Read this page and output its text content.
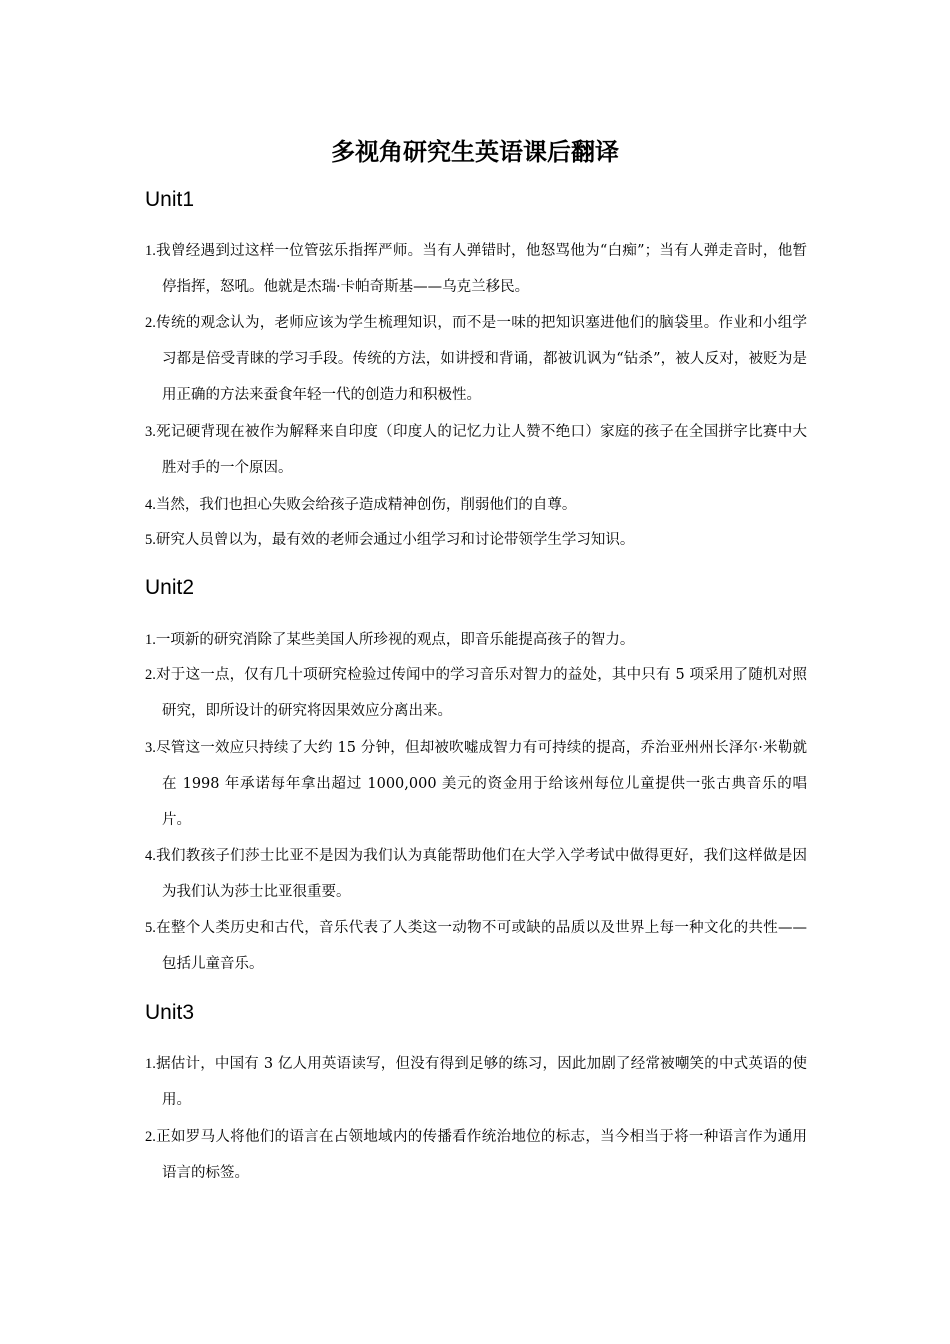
多视角研究生英语课后翻译
Unit1

1.我曾经遇到过这样一位管弦乐指挥严师。当有人弹错时，他怒骂他为“白痴”；当有人弹走音时，他暂停指挥，怒吼。他就是杰瑞·卡帕奇斯基——乌克兰移民。

2.传统的观念认为，老师应该为学生梳理知识，而不是一味的把知识塞进他们的脑袋里。作业和小组学习都是倍受青睐的学习手段。传统的方法，如讲授和背诵，都被讥讽为“钻杀”，被人反对，被贬为是用正确的方法来蚕食年轻一代的创造力和积极性。

3.死记硬背现在被作为解释来自印度（印度人的记忆力让人赞不绝口）家庭的孩子在全国拼字比赛中大胜对手的一个原因。

4.当然，我们也担心失败会给孩子造成精神创伤，削弱他们的自尊。

5.研究人员曾以为，最有效的老师会通过小组学习和讨论带领学生学习知识。

Unit2

1.一项新的研究消除了某些美国人所珍视的观点，即音乐能提高孩子的智力。

2.对于这一点，仅有几十项研究检验过传闻中的学习音乐对智力的益处，其中只有 5 项采用了随机对照研究，即所设计的研究将因果效应分离出来。

3.尽管这一效应只持续了大约 15 分钟，但却被吹嘘成智力有可持续的提高，乔治亚州州长泽尔·米勒就在 1998 年承诺每年拿出超过 1000,000 美元的资金用于给该州每位儿童提供一张古典音乐的唱片。

4.我们教孩子们莎士比亚不是因为我们认为真能帮助他们在大学入学考试中做得更好，我们这样做是因为我们认为莎士比亚很重要。

5.在整个人类历史和古代，音乐代表了人类这一动物不可或缺的品质以及世界上每一种文化的共性——包括儿童音乐。

Unit3

1.据估计，中国有 3 亿人用英语读写，但没有得到足够的练习，因此加剧了经常被嘲笑的中式英语的使用。

2.正如罗马人将他们的语言在占领地域内的传播看作统治地位的标志，当今相当于将一种语言作为通用语言的标签。
